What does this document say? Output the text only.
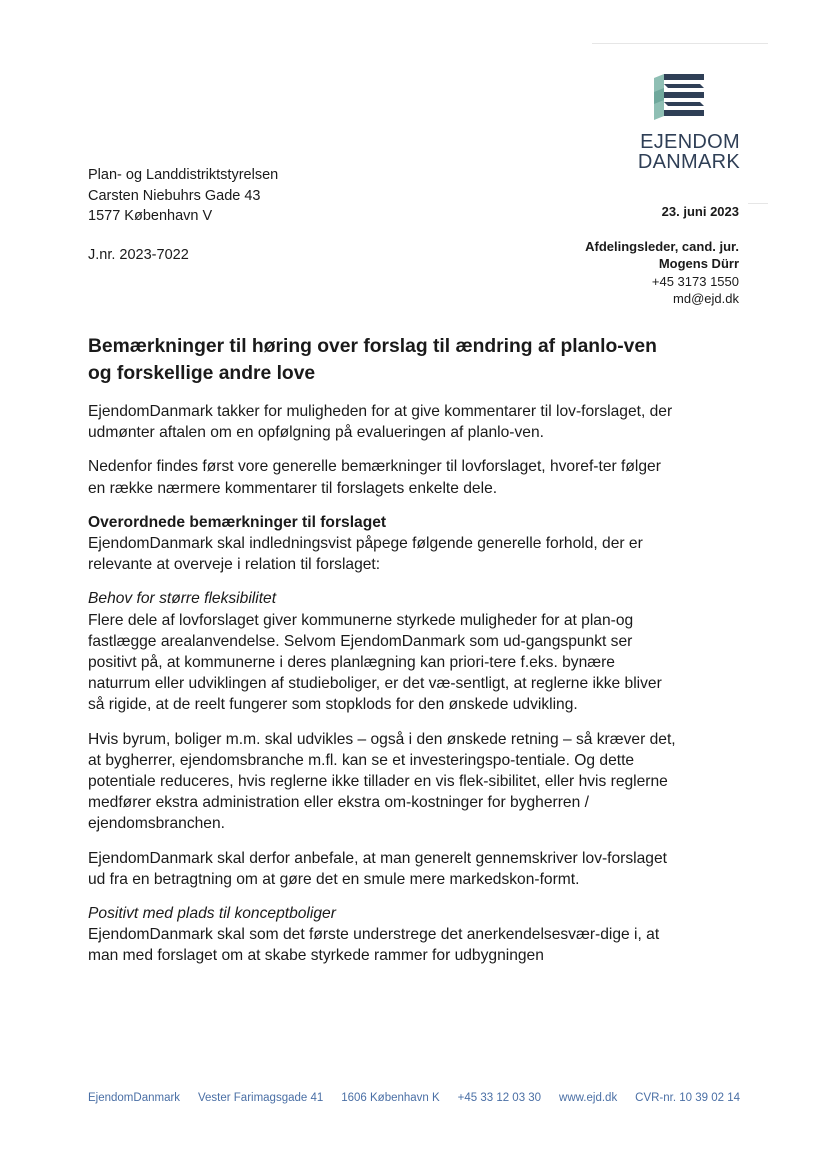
EJENDOM
DANMARK
Plan- og Landdistriktstyrelsen
Carsten Niebuhrs Gade 43
1577 København V
J.nr. 2023-7022
23. juni 2023
Afdelingsleder, cand. jur.
Mogens Dürr
+45 3173 1550
md@ejd.dk
Bemærkninger til høring over forslag til ændring af planlo-ven og forskellige andre love

EjendomDanmark takker for muligheden for at give kommentarer til lov-forslaget, der udmønter aftalen om en opfølgning på evalueringen af planlo-ven.

Nedenfor findes først vore generelle bemærkninger til lovforslaget, hvoref-ter følger en række nærmere kommentarer til forslagets enkelte dele.

Overordnede bemærkninger til forslaget

EjendomDanmark skal indledningsvist påpege følgende generelle forhold, der er relevante at overveje i relation til forslaget:

Behov for større fleksibilitet

Flere dele af lovforslaget giver kommunerne styrkede muligheder for at plan-og fastlægge arealanvendelse. Selvom EjendomDanmark som ud-gangspunkt ser positivt på, at kommunerne i deres planlægning kan priori-tere f.eks. bynære naturrum eller udviklingen af studieboliger, er det væ-sentligt, at reglerne ikke bliver så rigide, at de reelt fungerer som stopklods for den ønskede udvikling.

Hvis byrum, boliger m.m. skal udvikles – også i den ønskede retning – så kræver det, at bygherrer, ejendomsbranche m.fl. kan se et investeringspo-tentiale. Og dette potentiale reduceres, hvis reglerne ikke tillader en vis flek-sibilitet, eller hvis reglerne medfører ekstra administration eller ekstra om-kostninger for bygherren / ejendomsbranchen.

EjendomDanmark skal derfor anbefale, at man generelt gennemskriver lov-forslaget ud fra en betragtning om at gøre det en smule mere markedskon-formt.

Positivt med plads til konceptboliger

EjendomDanmark skal som det første understrege det anerkendelsesvær-dige i, at man med forslaget om at skabe styrkede rammer for udbygningen

EjendomDanmark Vester Farimagsgade 41 1606 København K +45 33 12 03 30 www.ejd.dk CVR-nr. 10 39 02 14
